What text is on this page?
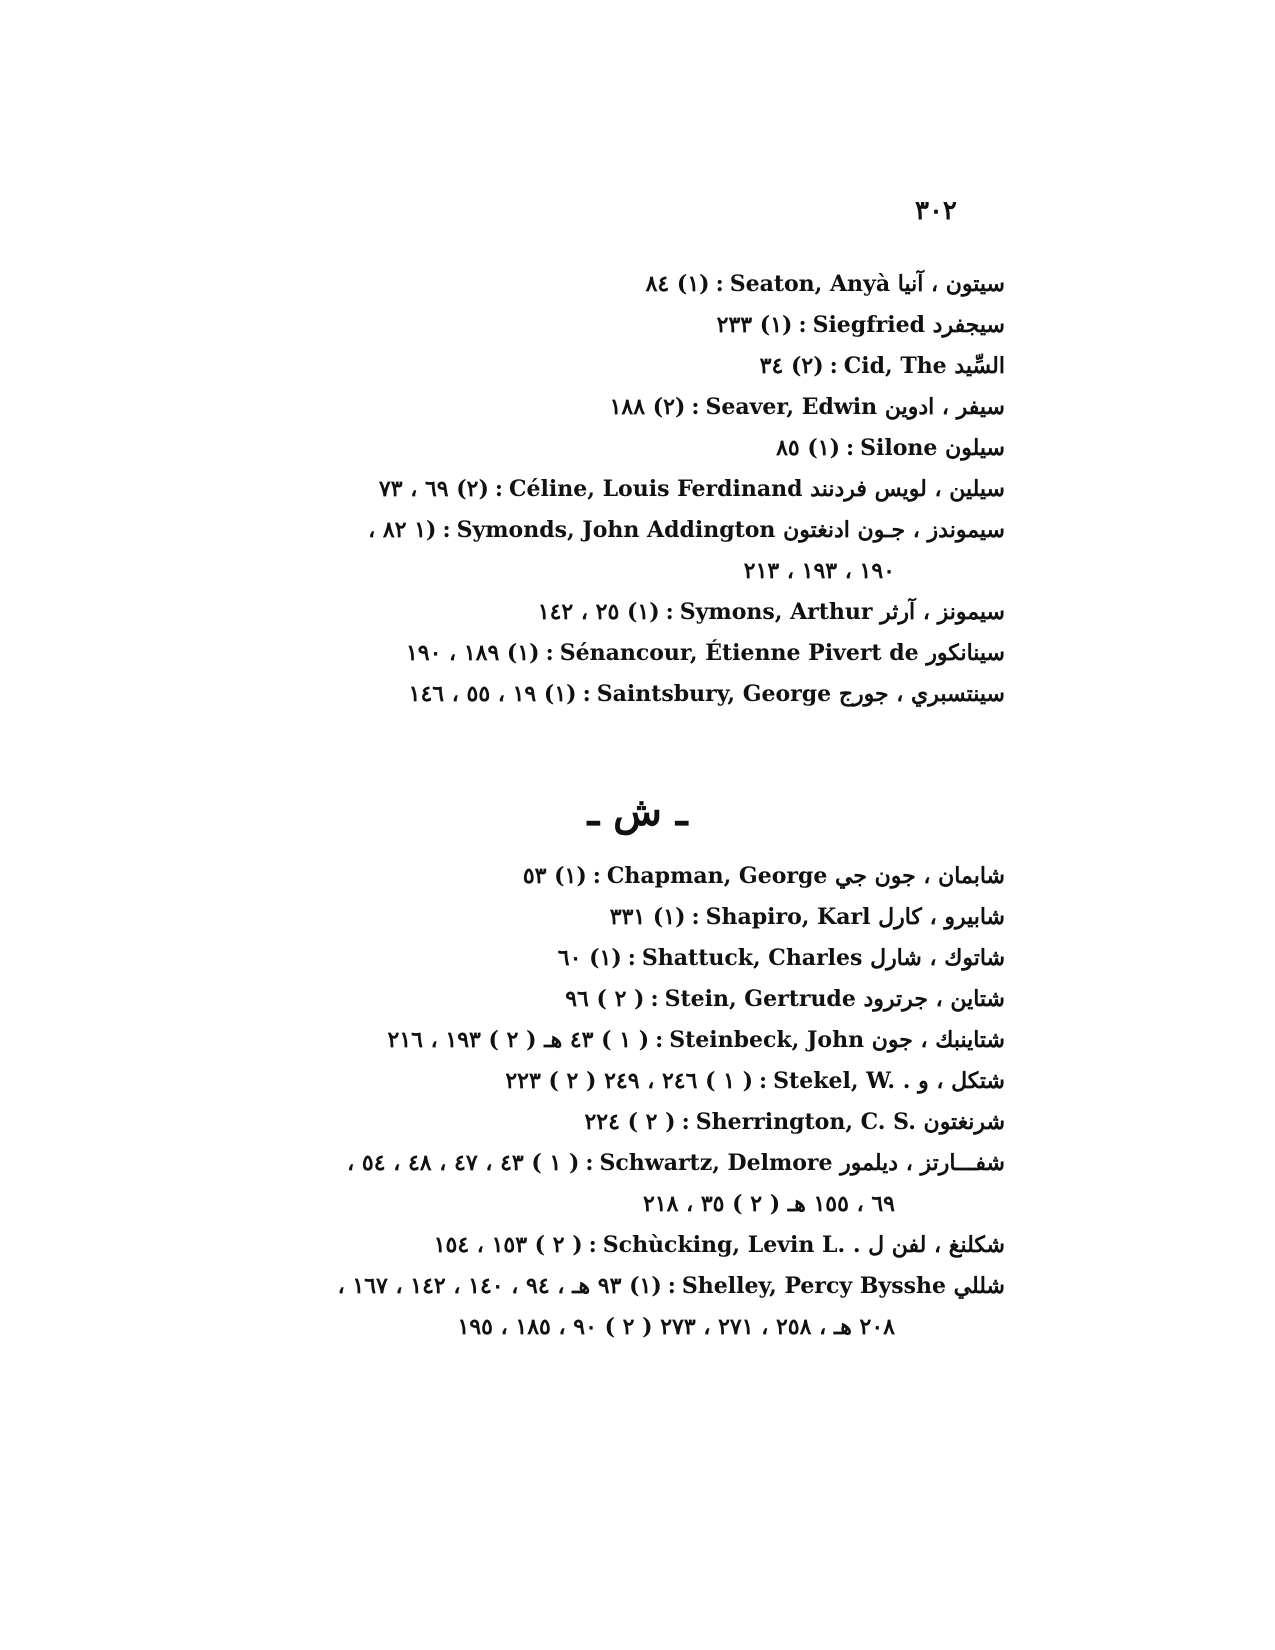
٣٠٢
سيتون ، آنيا Seaton, Anyà:(١) ٨٤
سيجفرد Siegfried:(١) ٢٣٣
السِّيد Cid, The:(٢) ٣٤
سيفر ، ادوين Seaver, Edwin:(٢) ١٨٨
سيلون Silone:(١) ٨٥
سيلين ، لويس فردنند Céline, Louis Ferdinand:(٢) ٦٩ ، ٧٣
سيموندز ، جـون ادنغتون Symonds, John Addington:(١ ٨٢ ،
١٩٠ ، ١٩٣ ، ٢١٣
سيمونز ، آرثر Symons, Arthur:(١) ٢٥ ، ١٤٢
سينانكور Sénancour, Étienne Pivert de:(١) ١٨٩ ، ١٩٠
سينتسبري ، جورج Saintsbury, George:(١) ١٩ ، ٥٥ ، ١٤٦
ـ ش ـ
شابمان ، جون جي Chapman, George:(١) ٥٣
شابيرو ، كارل Shapiro, Karl:(١) ٣٣١
شاتوك ، شارل Shattuck, Charles:(١) ٦٠
شتاين ، جرترود Stein, Gertrude:( ٢ ) ٩٦
شتاينبك ، جون Steinbeck, John:( ١ ) ٤٣ هـ ( ٢ ) ١٩٣ ، ٢١٦
شتكل ، و . Stekel, W.:( ١ ) ٢٤٦ ، ٢٤٩ ( ٢ ) ٢٢٣
شرنغتون Sherrington, C. S.:( ٢ ) ٢٢٤
شفـــارتز ، ديلمور Schwartz, Delmore:( ١ ) ٤٣ ، ٤٧ ، ٤٨ ، ٥٤ ،
٦٩ ، ١٥٥ هـ ( ٢ ) ٣٥ ، ٢١٨
شكلنغ ، لفن ل . Schùcking, Levin L.:( ٢ ) ١٥٣ ، ١٥٤
شللي Shelley, Percy Bysshe:(١) ٩٣ هـ ، ٩٤ ، ١٤٠ ، ١٤٢ ، ١٦٧ ،
٢٠٨ هـ ، ٢٥٨ ، ٢٧١ ، ٢٧٣ ( ٢ ) ٩٠ ، ١٨٥ ، ١٩٥
